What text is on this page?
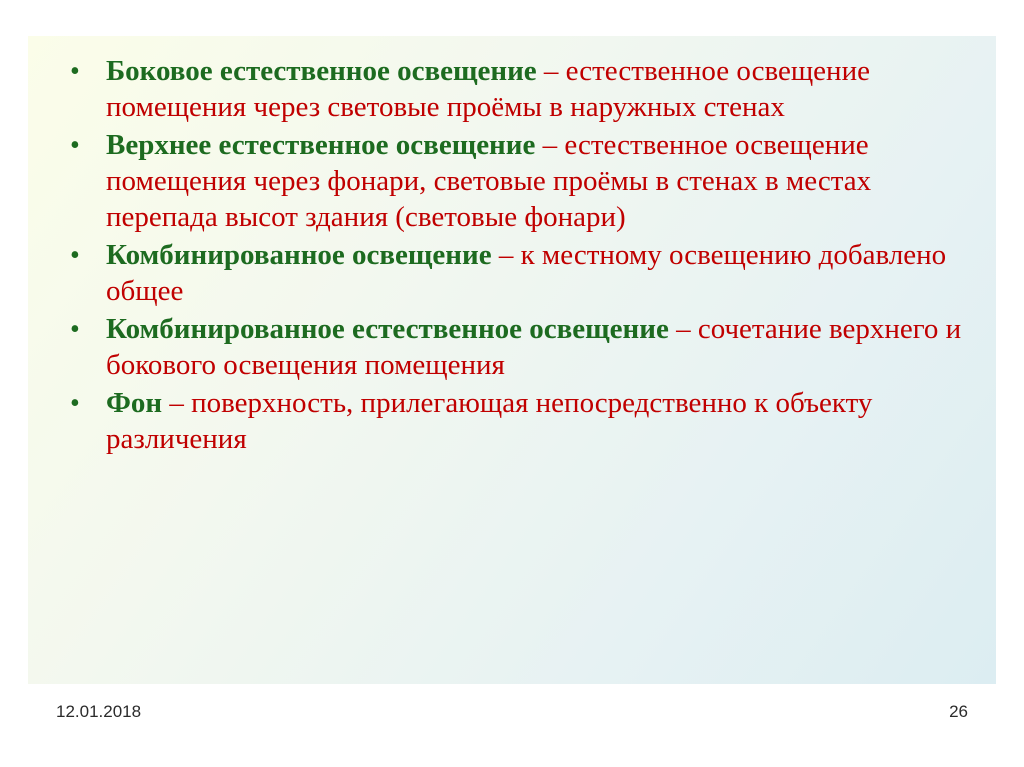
• Боковое естественное освещение – естественное освещение помещения через световые проёмы в наружных стенах
• Верхнее естественное освещение – естественное освещение помещения через фонари, световые проёмы в стенах в местах перепада высот здания (световые фонари)
• Комбинированное освещение – к местному освещению добавлено общее
• Комбинированное естественное освещение – сочетание верхнего и бокового освещения помещения
• Фон – поверхность, прилегающая непосредственно к объекту различения
12.01.2018	26
